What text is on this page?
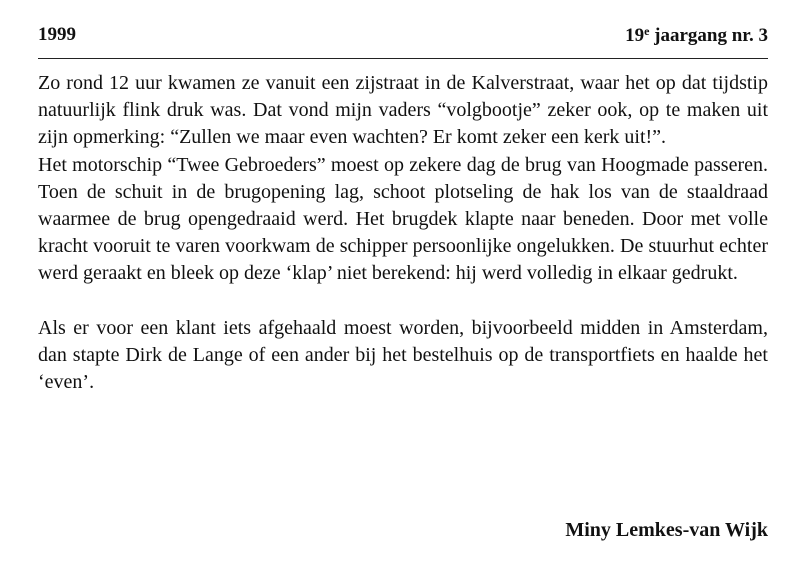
1999	19e jaargang nr. 3

Zo rond 12 uur kwamen ze vanuit een zijstraat in de Kalverstraat, waar het op dat tijdstip natuurlijk flink druk was. Dat vond mijn vaders “volgbootje” zeker ook, op te maken uit zijn opmerking: “Zullen we maar even wachten? Er komt zeker een kerk uit!”.

Het motorschip “Twee Gebroeders” moest op zekere dag de brug van Hoogmade passeren. Toen de schuit in de brugopening lag, schoot plotseling de hak los van de staaldraad waarmee de brug opengedraaid werd. Het brugdek klapte naar beneden. Door met volle kracht vooruit te varen voorkwam de schipper persoonlijke ongelukken. De stuurhut echter werd geraakt en bleek op deze ‘klap’ niet berekend: hij werd volledig in elkaar gedrukt.

Als er voor een klant iets afgehaald moest worden, bijvoorbeeld midden in Amsterdam, dan stapte Dirk de Lange of een ander bij het bestelhuis op de transportfiets en haalde het ‘even’.

Miny Lemkes-van Wijk
